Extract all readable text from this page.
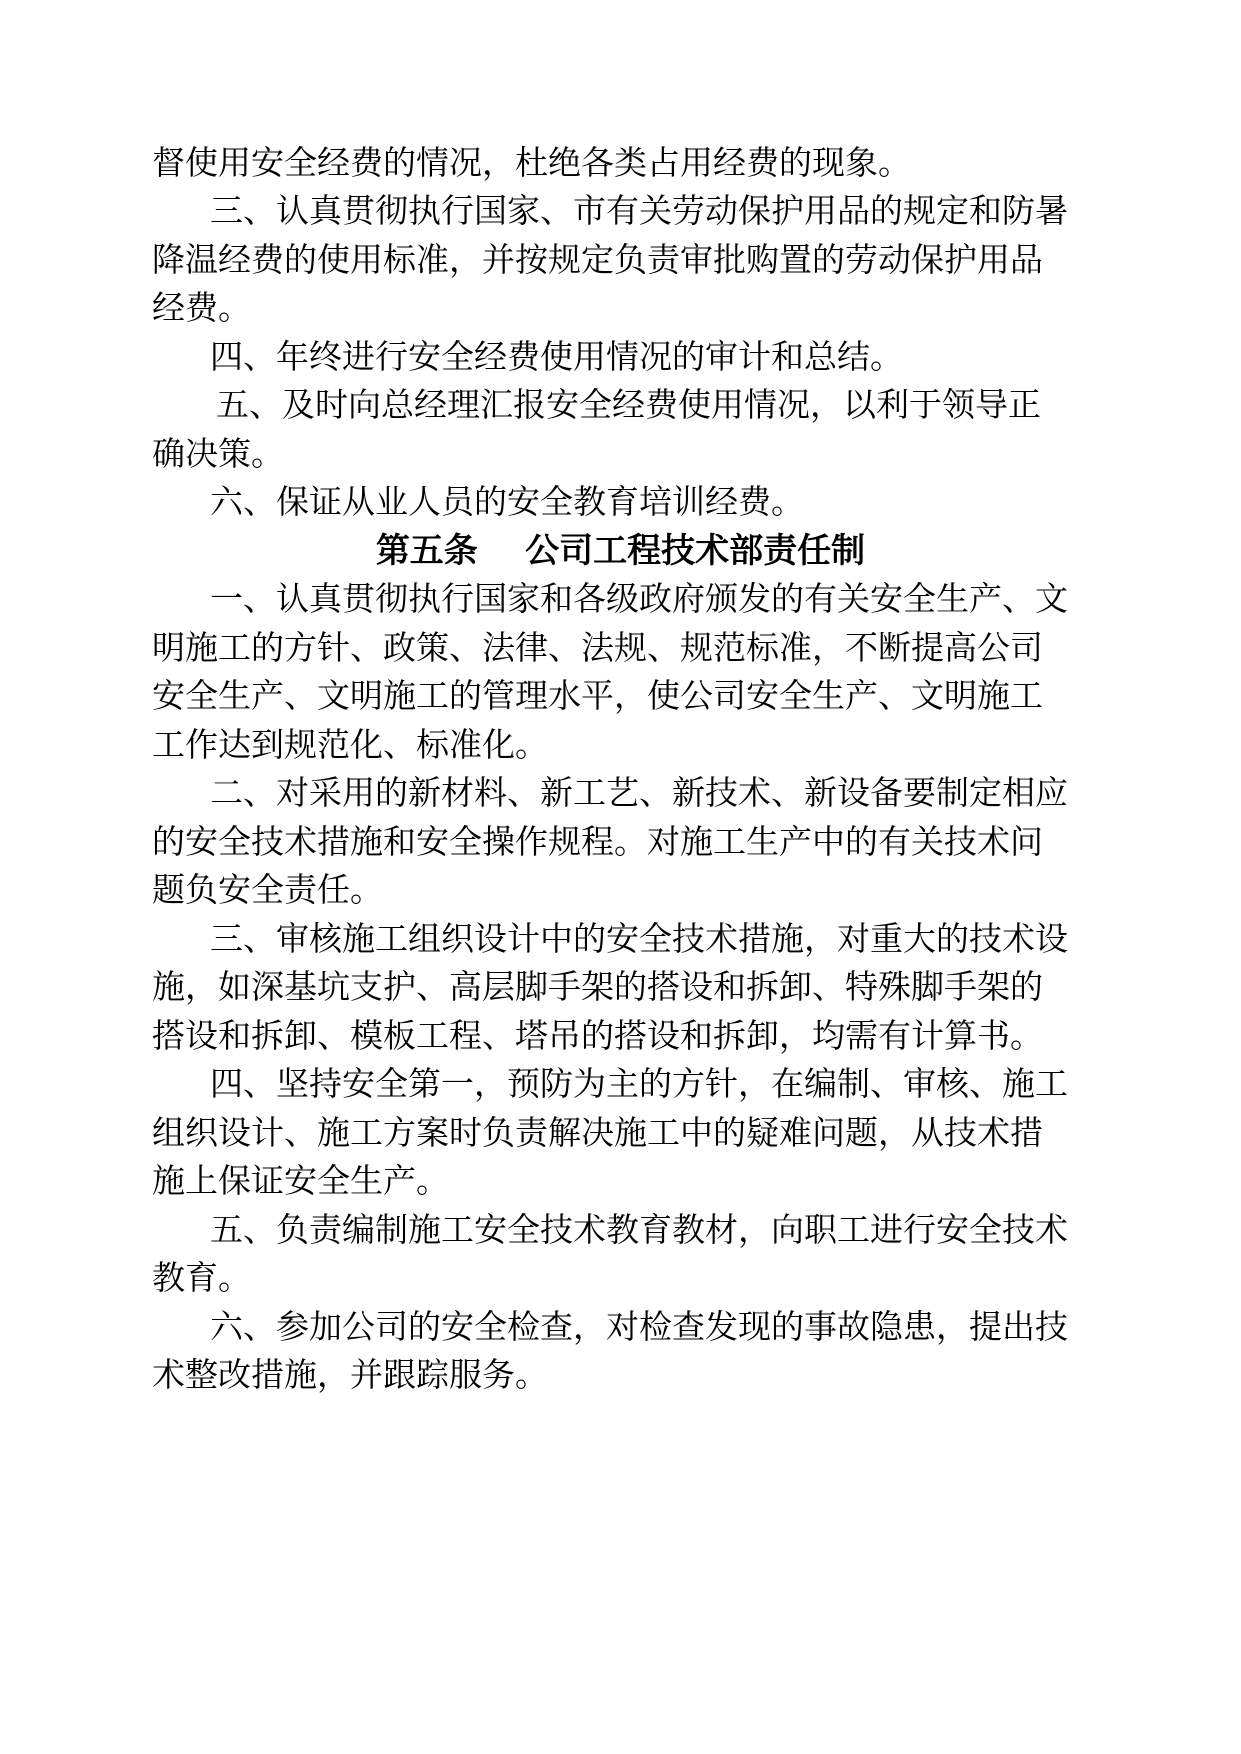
督使用安全经费的情况，杜绝各类占用经费的现象。
三、认真贯彻执行国家、市有关劳动保护用品的规定和防暑
降温经费的使用标准，并按规定负责审批购置的劳动保护用品
经费。
四、年终进行安全经费使用情况的审计和总结。
五、及时向总经理汇报安全经费使用情况，以利于领导正
确决策。
六、保证从业人员的安全教育培训经费。
第五条    公司工程技术部责任制
一、认真贯彻执行国家和各级政府颁发的有关安全生产、文
明施工的方针、政策、法律、法规、规范标准，不断提高公司
安全生产、文明施工的管理水平，使公司安全生产、文明施工
工作达到规范化、标准化。
二、对采用的新材料、新工艺、新技术、新设备要制定相应
的安全技术措施和安全操作规程。对施工生产中的有关技术问
题负安全责任。
三、审核施工组织设计中的安全技术措施，对重大的技术设
施，如深基坑支护、高层脚手架的搭设和拆卸、特殊脚手架的
搭设和拆卸、模板工程、塔吊的搭设和拆卸，均需有计算书。
四、坚持安全第一，预防为主的方针，在编制、审核、施工
组织设计、施工方案时负责解决施工中的疑难问题，从技术措
施上保证安全生产。
五、负责编制施工安全技术教育教材，向职工进行安全技术
教育。
六、参加公司的安全检查，对检查发现的事故隐患，提出技
术整改措施，并跟踪服务。
